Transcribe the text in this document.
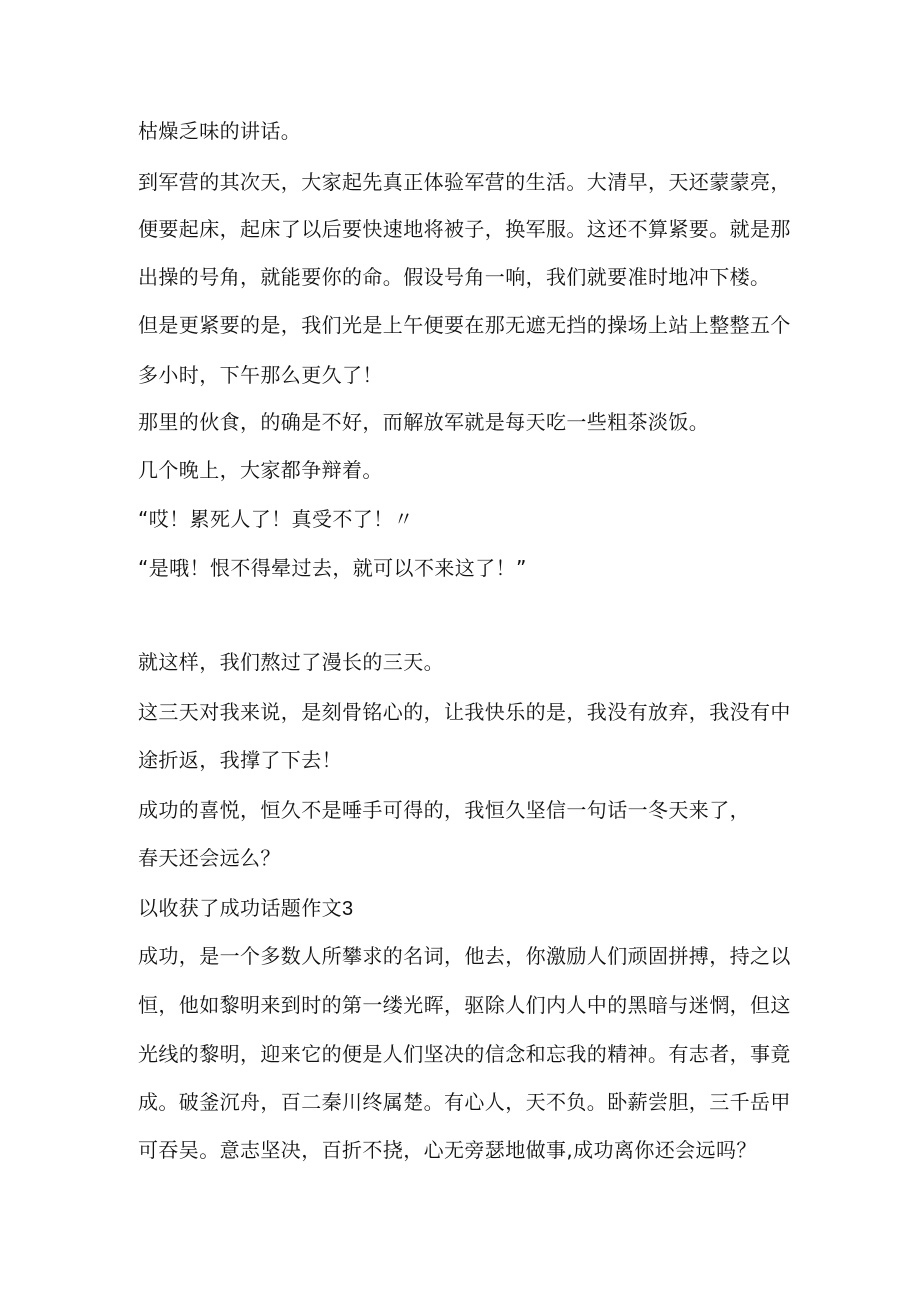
枯燥乏味的讲话。
到军营的其次天，大家起先真正体验军营的生活。大清早，天还蒙蒙亮，
便要起床，起床了以后要快速地将被子，换军服。这还不算紧要。就是那
出操的号角，就能要你的命。假设号角一响，我们就要准时地冲下楼。
但是更紧要的是，我们光是上午便要在那无遮无挡的操场上站上整整五个
多小时，下午那么更久了！
那里的伙食，的确是不好，而解放军就是每天吃一些粗茶淡饭。
几个晚上，大家都争辩着。
“哎！累死人了！真受不了！〃
“是哦！恨不得晕过去，就可以不来这了！”
就这样，我们熬过了漫长的三天。
这三天对我来说，是刻骨铭心的，让我快乐的是，我没有放弃，我没有中
途折返，我撑了下去！
成功的喜悦，恒久不是唾手可得的，我恒久坚信一句话一冬天来了，
春天还会远么？
以收获了成功话题作文3
成功，是一个多数人所攀求的名词，他去，你激励人们顽固拼搏，持之以
恒，他如黎明来到时的第一缕光晖，驱除人们内人中的黑暗与迷惘，但这
光线的黎明，迎来它的便是人们坚决的信念和忘我的精神。有志者，事竟
成。破釜沉舟，百二秦川终属楚。有心人，天不负。卧薪尝胆，三千岳甲
可吞吴。意志坚决，百折不挠，心无旁瑟地做事,成功离你还会远吗？
